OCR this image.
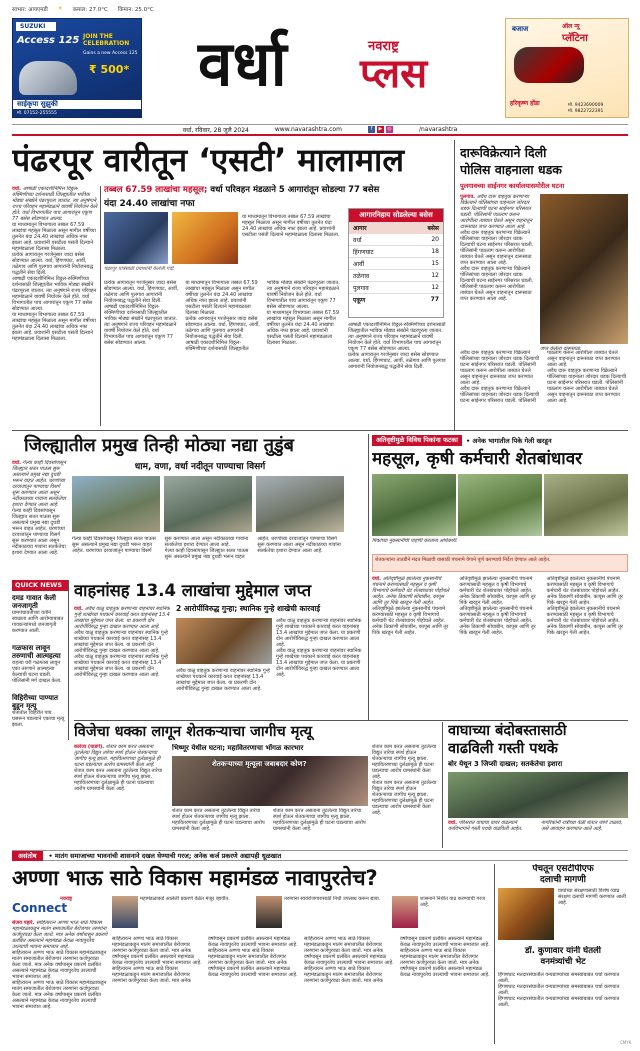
साभार: आयएमडी ☀ कमाल: 27.0°C किमान: 25.0°C
SUZUKI
Access 125 JOIN THE
CELEBRATION
Gains a new Access 125
₹ 500*
साईकृपा सुझुकी
मो. 07152-255555
वर्धा	नवराष्ट्र
प्लस
ऑल न्यू
प्लॅटिना
बजाज
हरिकृष्ण होंडा	मो. 9423690009
मो. 9822722391
वर्धा, रविवार, 28 जुलै 2024	www.navarashtra.com	f	▶ ◎	/navarashtra
पंढरपूर वारीतून ‘एसटी’ मालामाल
तब्बल 67.59 लाखांचा महसूल; वर्धा परिवहन मंडळाने 5 आगारांतून सोडल्या 77 बसेस
यंदा 24.40 लाखांचा नफा
वर्धा. आषाढी एकादशीनिमित्त विठ्ठल-रुक्मिणीच्या दर्शनासाठी जिल्ह्यातील भाविक मोठ्या संख्येने पंढरपूरला जातात. त्या अनुषंगाने राज्य परिवहन महामंडळाने यावर्षी नियोजन केले होते. वर्धा विभागातील पाच आगारांतून एकूण 77 बसेस सोडण्यात आल्या.
या माध्यमातून विभागाला तब्बल 67.59 लाखांचा महसूल मिळाला असून मागील वर्षीच्या तुलनेत यंदा 24.40 लाखांचा अधिक नफा झाला आहे. प्रवाशांनी एसटीला पसंती दिल्याने महामंडळाला दिलासा मिळाला.
प्रत्येक आगारातून गरजेनुसार जादा बसेस सोडण्यात आल्या. वर्धा, हिंगणघाट, आर्वी, तळेगाव आणि पुलगाव आगारांनी नियोजनबद्ध पद्धतीने सेवा दिली.
आषाढी एकादशीनिमित्त विठ्ठल-रुक्मिणीच्या दर्शनासाठी जिल्ह्यातील भाविक मोठ्या संख्येने पंढरपूरला जातात. त्या अनुषंगाने राज्य परिवहन महामंडळाने यावर्षी नियोजन केले होते. वर्धा विभागातील पाच आगारांतून एकूण 77 बसेस सोडण्यात आल्या.
या माध्यमातून विभागाला तब्बल 67.59 लाखांचा महसूल मिळाला असून मागील वर्षीच्या तुलनेत यंदा 24.40 लाखांचा अधिक नफा झाला आहे. प्रवाशांनी एसटीला पसंती दिल्याने महामंडळाला दिलासा मिळाला.
या माध्यमातून विभागाला तब्बल 67.59 लाखांचा महसूल मिळाला असून मागील वर्षीच्या तुलनेत यंदा 24.40 लाखांचा अधिक नफा झाला आहे. प्रवाशांनी एसटीला पसंती दिल्याने महामंडळाला दिलासा मिळाला.
पंढरपूर यात्रेसाठी प्रवाशांनी केलेली गर्दी.
आगारनिहाय सोडलेल्या बसेस
आगार	बसेस
वर्धा	20
हिंगणघाट	18
आर्वी	15
तळेगाव	12
पुलगाव	12
एकूण	77
प्रत्येक आगारातून गरजेनुसार जादा बसेस सोडण्यात आल्या. वर्धा, हिंगणघाट, आर्वी, तळेगाव आणि पुलगाव आगारांनी नियोजनबद्ध पद्धतीने सेवा दिली.
आषाढी एकादशीनिमित्त विठ्ठल-रुक्मिणीच्या दर्शनासाठी जिल्ह्यातील भाविक मोठ्या संख्येने पंढरपूरला जातात. त्या अनुषंगाने राज्य परिवहन महामंडळाने यावर्षी नियोजन केले होते. वर्धा विभागातील पाच आगारांतून एकूण 77 बसेस सोडण्यात आल्या.
या माध्यमातून विभागाला तब्बल 67.59 लाखांचा महसूल मिळाला असून मागील वर्षीच्या तुलनेत यंदा 24.40 लाखांचा अधिक नफा झाला आहे. प्रवाशांनी एसटीला पसंती दिल्याने महामंडळाला दिलासा मिळाला.
प्रत्येक आगारातून गरजेनुसार जादा बसेस सोडण्यात आल्या. वर्धा, हिंगणघाट, आर्वी, तळेगाव आणि पुलगाव आगारांनी नियोजनबद्ध पद्धतीने सेवा दिली.
आषाढी एकादशीनिमित्त विठ्ठल-रुक्मिणीच्या दर्शनासाठी जिल्ह्यातील भाविक मोठ्या संख्येने पंढरपूरला जातात. त्या अनुषंगाने राज्य परिवहन महामंडळाने यावर्षी नियोजन केले होते. वर्धा विभागातील पाच आगारांतून एकूण 77 बसेस सोडण्यात आल्या.
या माध्यमातून विभागाला तब्बल 67.59 लाखांचा महसूल मिळाला असून मागील वर्षीच्या तुलनेत यंदा 24.40 लाखांचा अधिक नफा झाला आहे. प्रवाशांनी एसटीला पसंती दिल्याने महामंडळाला दिलासा मिळाला.
आषाढी एकादशीनिमित्त विठ्ठल-रुक्मिणीच्या दर्शनासाठी जिल्ह्यातील भाविक मोठ्या संख्येने पंढरपूरला जातात. त्या अनुषंगाने राज्य परिवहन महामंडळाने यावर्षी नियोजन केले होते. वर्धा विभागातील पाच आगारांतून एकूण 77 बसेस सोडण्यात आल्या.
प्रत्येक आगारातून गरजेनुसार जादा बसेस सोडण्यात आल्या. वर्धा, हिंगणघाट, आर्वी, तळेगाव आणि पुलगाव आगारांनी नियोजनबद्ध पद्धतीने सेवा दिली.
दारूविक्रेत्याने दिली
पोलिस वाहनाला धडक
पुलगावच्या साईनगर कार्यालयासमोरील घटना
पुलगाव. अवैध दारू वाहतूक करणाऱ्या विक्रेत्याने पोलिसांच्या वाहनाला जोरदार धडक दिल्याची घटना साईनगर परिसरात घडली. पोलिसांनी पाठलाग करून आरोपीला ताब्यात घेतले असून वाहनातून दारूसाठा जप्त करण्यात आला आहे.
अवैध दारू वाहतूक करणाऱ्या विक्रेत्याने पोलिसांच्या वाहनाला जोरदार धडक दिल्याची घटना साईनगर परिसरात घडली. पोलिसांनी पाठलाग करून आरोपीला ताब्यात घेतले असून वाहनातून दारूसाठा जप्त करण्यात आला आहे.
अवैध दारू वाहतूक करणाऱ्या विक्रेत्याने पोलिसांच्या वाहनाला जोरदार धडक दिल्याची घटना साईनगर परिसरात घडली. पोलिसांनी पाठलाग करून आरोपीला ताब्यात घेतले असून वाहनातून दारूसाठा जप्त करण्यात आला आहे.
जप्त केलेला दारूसाठा.
अवैध दारू वाहतूक करणाऱ्या विक्रेत्याने पोलिसांच्या वाहनाला जोरदार धडक दिल्याची घटना साईनगर परिसरात घडली. पोलिसांनी पाठलाग करून आरोपीला ताब्यात घेतले असून वाहनातून दारूसाठा जप्त करण्यात आला आहे.
अवैध दारू वाहतूक करणाऱ्या विक्रेत्याने पोलिसांच्या वाहनाला जोरदार धडक दिल्याची घटना साईनगर परिसरात घडली. पोलिसांनी पाठलाग करून आरोपीला ताब्यात घेतले असून वाहनातून दारूसाठा जप्त करण्यात आला आहे.
अवैध दारू वाहतूक करणाऱ्या विक्रेत्याने पोलिसांच्या वाहनाला जोरदार धडक दिल्याची घटना साईनगर परिसरात घडली. पोलिसांनी पाठलाग करून आरोपीला ताब्यात घेतले असून वाहनातून दारूसाठा जप्त करण्यात आला आहे.
जिल्ह्यातील प्रमुख तिन्ही मोठ्या नद्या तुडुंब
धाम, वणा, वर्धा नदीतून पाण्याचा विसर्ग
वर्धा. गेल्या काही दिवसांपासून जिल्ह्यात सतत पाऊस सुरू असल्याने प्रमुख नद्या दुथडी भरून वाहत आहेत. धरणांच्या दरवाजांतून पाण्याचा विसर्ग सुरू करण्यात आला असून नदीकाठच्या गावांना सतर्कतेचा इशारा देण्यात आला आहे.
गेल्या काही दिवसांपासून जिल्ह्यात सतत पाऊस सुरू असल्याने प्रमुख नद्या दुथडी भरून वाहत आहेत. धरणांच्या दरवाजांतून पाण्याचा विसर्ग सुरू करण्यात आला असून नदीकाठच्या गावांना सतर्कतेचा इशारा देण्यात आला आहे.
गेल्या काही दिवसांपासून जिल्ह्यात सतत पाऊस सुरू असल्याने प्रमुख नद्या दुथडी भरून वाहत आहेत. धरणांच्या दरवाजांतून पाण्याचा विसर्ग सुरू करण्यात आला असून नदीकाठच्या गावांना सतर्कतेचा इशारा देण्यात आला आहे.
गेल्या काही दिवसांपासून जिल्ह्यात सतत पाऊस सुरू असल्याने प्रमुख नद्या दुथडी भरून वाहत आहेत. धरणांच्या दरवाजांतून पाण्याचा विसर्ग सुरू करण्यात आला असून नदीकाठच्या गावांना सतर्कतेचा इशारा देण्यात आला आहे.
अतिवृष्टीमुळे विविध पिकांना फटका	• अनेक भागातील पिके गेली खरडून
महसूल, कृषी कर्मचारी शेतबांधावर
पिकांच्या नुकसानीची पाहणी करताना अधिकारी.
शेतकऱ्यांना तातडीने मदत मिळावी यासाठी पंचनामे वेगाने पूर्ण करण्याचे निर्देश देण्यात आले आहेत.
वर्धा. अतिवृष्टीमुळे झालेल्या नुकसानीचे पंचनामे करण्यासाठी महसूल व कृषी विभागाचे कर्मचारी थेट शेतबांधावर पोहोचले आहेत. अनेक ठिकाणी सोयाबीन, कापूस आणि तूर पिके खरडून गेली आहेत.
अतिवृष्टीमुळे झालेल्या नुकसानीचे पंचनामे करण्यासाठी महसूल व कृषी विभागाचे कर्मचारी थेट शेतबांधावर पोहोचले आहेत. अनेक ठिकाणी सोयाबीन, कापूस आणि तूर पिके खरडून गेली आहेत.
अतिवृष्टीमुळे झालेल्या नुकसानीचे पंचनामे करण्यासाठी महसूल व कृषी विभागाचे कर्मचारी थेट शेतबांधावर पोहोचले आहेत. अनेक ठिकाणी सोयाबीन, कापूस आणि तूर पिके खरडून गेली आहेत.
अतिवृष्टीमुळे झालेल्या नुकसानीचे पंचनामे करण्यासाठी महसूल व कृषी विभागाचे कर्मचारी थेट शेतबांधावर पोहोचले आहेत. अनेक ठिकाणी सोयाबीन, कापूस आणि तूर पिके खरडून गेली आहेत.
अतिवृष्टीमुळे झालेल्या नुकसानीचे पंचनामे करण्यासाठी महसूल व कृषी विभागाचे कर्मचारी थेट शेतबांधावर पोहोचले आहेत. अनेक ठिकाणी सोयाबीन, कापूस आणि तूर पिके खरडून गेली आहेत.
अतिवृष्टीमुळे झालेल्या नुकसानीचे पंचनामे करण्यासाठी महसूल व कृषी विभागाचे कर्मचारी थेट शेतबांधावर पोहोचले आहेत. अनेक ठिकाणी सोयाबीन, कापूस आणि तूर पिके खरडून गेली आहेत.
QUICK NEWS
दमड गावात केली जनजागृती
ग्रामपंचायतीच्या वतीने स्वच्छता आणि आरोग्याबाबत गावकऱ्यांमध्ये जनजागृती करण्यात आली.
गळफास लावून तरुणाची आत्महत्या
राहत्या घरी गळफास लावून एका तरुणाने आत्महत्या केल्याची घटना घडली. पोलिसांनी मर्ग दाखल केला.
विहिरीच्या पाण्यात बुडून मृत्यू
शेतातील विहिरीत पाय घसरून पडल्याने एकाचा मृत्यू झाला.
वाहनांसह 13.4 लाखांचा मुद्देमाल जप्त
2 आरोपींविरुद्ध गुन्हा; स्थानिक गुन्हे शाखेची कारवाई
वर्धा. अवैध वाळू वाहतूक करणाऱ्या वाहनांवर स्थानिक गुन्हे शाखेच्या पथकाने कारवाई करत वाहनांसह 13.4 लाखांचा मुद्देमाल जप्त केला. या प्रकरणी दोन आरोपींविरुद्ध गुन्हा दाखल करण्यात आला आहे.
अवैध वाळू वाहतूक करणाऱ्या वाहनांवर स्थानिक गुन्हे शाखेच्या पथकाने कारवाई करत वाहनांसह 13.4 लाखांचा मुद्देमाल जप्त केला. या प्रकरणी दोन आरोपींविरुद्ध गुन्हा दाखल करण्यात आला आहे.
अवैध वाळू वाहतूक करणाऱ्या वाहनांवर स्थानिक गुन्हे शाखेच्या पथकाने कारवाई करत वाहनांसह 13.4 लाखांचा मुद्देमाल जप्त केला. या प्रकरणी दोन आरोपींविरुद्ध गुन्हा दाखल करण्यात आला आहे.
अवैध वाळू वाहतूक करणाऱ्या वाहनांवर स्थानिक गुन्हे शाखेच्या पथकाने कारवाई करत वाहनांसह 13.4 लाखांचा मुद्देमाल जप्त केला. या प्रकरणी दोन आरोपींविरुद्ध गुन्हा दाखल करण्यात आला आहे.
अवैध वाळू वाहतूक करणाऱ्या वाहनांवर स्थानिक गुन्हे शाखेच्या पथकाने कारवाई करत वाहनांसह 13.4 लाखांचा मुद्देमाल जप्त केला. या प्रकरणी दोन आरोपींविरुद्ध गुन्हा दाखल करण्यात आला आहे.
अवैध वाळू वाहतूक करणाऱ्या वाहनांवर स्थानिक गुन्हे शाखेच्या पथकाने कारवाई करत वाहनांसह 13.4 लाखांचा मुद्देमाल जप्त केला. या प्रकरणी दोन आरोपींविरुद्ध गुन्हा दाखल करण्यात आला आहे.
विजेचा धक्का लागून शेतकऱ्याचा जागीच मृत्यू
कारंजा (घाडगे). शेतात काम करत असताना तुटलेल्या विद्युत तारेचा स्पर्श होऊन शेतकऱ्याचा जागीच मृत्यू झाला. महावितरणच्या दुर्लक्षामुळे ही घटना घडल्याचा आरोप ग्रामस्थांनी केला आहे.
शेतात काम करत असताना तुटलेल्या विद्युत तारेचा स्पर्श होऊन शेतकऱ्याचा जागीच मृत्यू झाला. महावितरणच्या दुर्लक्षामुळे ही घटना घडल्याचा आरोप ग्रामस्थांनी केला आहे.
भिष्णूर येथील घटना; महावितरणाचा भोंगळ कारभार
शेतकऱ्याच्या मृत्यूला जबाबदार कोण?
शेतात काम करत असताना तुटलेल्या विद्युत तारेचा स्पर्श होऊन शेतकऱ्याचा जागीच मृत्यू झाला. महावितरणच्या दुर्लक्षामुळे ही घटना घडल्याचा आरोप ग्रामस्थांनी केला आहे.
शेतात काम करत असताना तुटलेल्या विद्युत तारेचा स्पर्श होऊन शेतकऱ्याचा जागीच मृत्यू झाला. महावितरणच्या दुर्लक्षामुळे ही घटना घडल्याचा आरोप ग्रामस्थांनी केला आहे.
शेतात काम करत असताना तुटलेल्या विद्युत तारेचा स्पर्श होऊन शेतकऱ्याचा जागीच मृत्यू झाला. महावितरणच्या दुर्लक्षामुळे ही घटना घडल्याचा आरोप ग्रामस्थांनी केला आहे.
शेतात काम करत असताना तुटलेल्या विद्युत तारेचा स्पर्श होऊन शेतकऱ्याचा जागीच मृत्यू झाला. महावितरणच्या दुर्लक्षामुळे ही घटना घडल्याचा आरोप ग्रामस्थांनी केला आहे.
वाघाच्या बंदोबस्तासाठी
वाढविली गस्ती पथके
बोर येथून 3 जिप्सी दाखल; सतर्कतेचा इशारा
वर्धा. परिसरात वाघाचा वावर वाढल्याने वनविभागाने गस्ती पथके वाढविली आहेत. नागरिकांनी रात्रीच्या वेळी शेतात जाणे टाळावे, असे आवाहन करण्यात आले आहे.
असंतोष	• मातंग समाजाच्या भावनांची शासनाने दखल घेण्याची गरज; अनेक कर्ज प्रकरणे अद्यापही धूळखात
अण्णा भाऊ साठे विकास महामंडळ नावापुरतेच?
नवराष्ट्र
Connect
संजय पहारे. साहित्यरत्न अण्णा भाऊ साठे विकास महामंडळाकडून मातंग समाजातील बेरोजगार तरुणांना कर्जपुरवठा केला जातो. मात्र अनेक वर्षांपासून प्रकरणे प्रलंबित असल्याने महामंडळ केवळ नावापुरतेच उरल्याची भावना समाजात आहे.
साहित्यरत्न अण्णा भाऊ साठे विकास महामंडळाकडून मातंग समाजातील बेरोजगार तरुणांना कर्जपुरवठा केला जातो. मात्र अनेक वर्षांपासून प्रकरणे प्रलंबित असल्याने महामंडळ केवळ नावापुरतेच उरल्याची भावना समाजात आहे.
साहित्यरत्न अण्णा भाऊ साठे विकास महामंडळाकडून मातंग समाजातील बेरोजगार तरुणांना कर्जपुरवठा केला जातो. मात्र अनेक वर्षांपासून प्रकरणे प्रलंबित असल्याने महामंडळ केवळ नावापुरतेच उरल्याची भावना समाजात आहे.
महामंडळाकडे आलेली प्रकरणे वेळेत मंजूर व्हावीत.	तरुणांना स्वयंरोजगारासाठी निधी उपलब्ध करून द्यावा.	शासनाने निधीत वाढ करण्याची गरज आहे.
साहित्यरत्न अण्णा भाऊ साठे विकास महामंडळाकडून मातंग समाजातील बेरोजगार तरुणांना कर्जपुरवठा केला जातो. मात्र अनेक वर्षांपासून प्रकरणे प्रलंबित असल्याने महामंडळ केवळ नावापुरतेच उरल्याची भावना समाजात आहे.
साहित्यरत्न अण्णा भाऊ साठे विकास महामंडळाकडून मातंग समाजातील बेरोजगार तरुणांना कर्जपुरवठा केला जातो. मात्र अनेक वर्षांपासून प्रकरणे प्रलंबित असल्याने महामंडळ केवळ नावापुरतेच उरल्याची भावना समाजात आहे.
साहित्यरत्न अण्णा भाऊ साठे विकास महामंडळाकडून मातंग समाजातील बेरोजगार तरुणांना कर्जपुरवठा केला जातो. मात्र अनेक वर्षांपासून प्रकरणे प्रलंबित असल्याने महामंडळ केवळ नावापुरतेच उरल्याची भावना समाजात आहे.
साहित्यरत्न अण्णा भाऊ साठे विकास महामंडळाकडून मातंग समाजातील बेरोजगार तरुणांना कर्जपुरवठा केला जातो. मात्र अनेक वर्षांपासून प्रकरणे प्रलंबित असल्याने महामंडळ केवळ नावापुरतेच उरल्याची भावना समाजात आहे.
साहित्यरत्न अण्णा भाऊ साठे विकास महामंडळाकडून मातंग समाजातील बेरोजगार तरुणांना कर्जपुरवठा केला जातो. मात्र अनेक वर्षांपासून प्रकरणे प्रलंबित असल्याने महामंडळ केवळ नावापुरतेच उरल्याची भावना समाजात आहे.
साहित्यरत्न अण्णा भाऊ साठे विकास महामंडळाकडून मातंग समाजातील बेरोजगार तरुणांना कर्जपुरवठा केला जातो. मात्र अनेक वर्षांपासून प्रकरणे प्रलंबित असल्याने महामंडळ केवळ नावापुरतेच उरल्याची भावना समाजात आहे.
पेंचतून एसटीपीएफ
दलाची मागणी
वाघांच्या संरक्षणासाठी विशेष व्याघ्र संरक्षण दलाची मागणी करण्यात आली आहे.
डॉ. कुणावार यांनी घेतली
वनमंत्र्यांची भेट
हिंगणघाट मतदारसंघातील वन्यप्राण्यांच्या समस्यांबाबत चर्चा करण्यात आली.
हिंगणघाट मतदारसंघातील वन्यप्राण्यांच्या समस्यांबाबत चर्चा करण्यात आली.
हिंगणघाट मतदारसंघातील वन्यप्राण्यांच्या समस्यांबाबत चर्चा करण्यात आली.
CMYK
